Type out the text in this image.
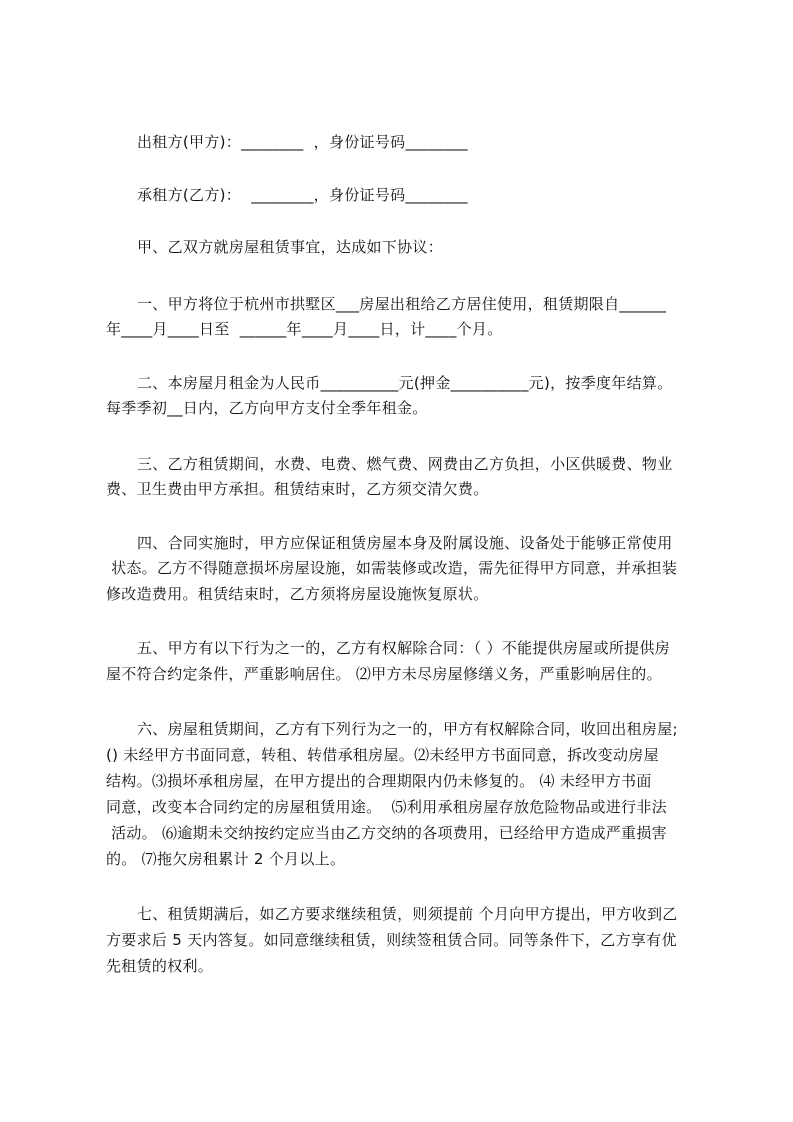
出租方(甲方)：________  ，身份证号码________
承租方(乙方)：  ________，身份证号码________
甲、乙双方就房屋租赁事宜，达成如下协议：
一、甲方将位于杭州市拱墅区___房屋出租给乙方居住使用，租赁期限自______
年____月____日至  ______年____月____日，计____个月。
二、本房屋月租金为人民币__________元(押金__________元)，按季度年结算。
每季季初__日内，乙方向甲方支付全季年租金。
三、乙方租赁期间，水费、电费、燃气费、网费由乙方负担，小区供暖费、物业
费、卫生费由甲方承担。租赁结束时，乙方须交清欠费。
四、合同实施时，甲方应保证租赁房屋本身及附属设施、设备处于能够正常使用
状态。乙方不得随意损坏房屋设施，如需装修或改造，需先征得甲方同意，并承担装
修改造费用。租赁结束时，乙方须将房屋设施恢复原状。
五、甲方有以下行为之一的，乙方有权解除合同：（ ）不能提供房屋或所提供房
屋不符合约定条件，严重影响居住。 ⑵甲方未尽房屋修缮义务，严重影响居住的。
六、房屋租赁期间，乙方有下列行为之一的，甲方有权解除合同，收回出租房屋;
() 未经甲方书面同意，转租、转借承租房屋。⑵未经甲方书面同意，拆改变动房屋
结构。⑶损坏承租房屋，在甲方提出的合理期限内仍未修复的。 ⑷ 未经甲方书面
同意，改变本合同约定的房屋租赁用途。  ⑸利用承租房屋存放危险物品或进行非法
活动。 ⑹逾期未交纳按约定应当由乙方交纳的各项费用，已经给甲方造成严重损害
的。 ⑺拖欠房租累计 2 个月以上。
七、租赁期满后，如乙方要求继续租赁，则须提前 个月向甲方提出，甲方收到乙
方要求后 5 天内答复。如同意继续租赁，则续签租赁合同。同等条件下，乙方享有优
先租赁的权利。
